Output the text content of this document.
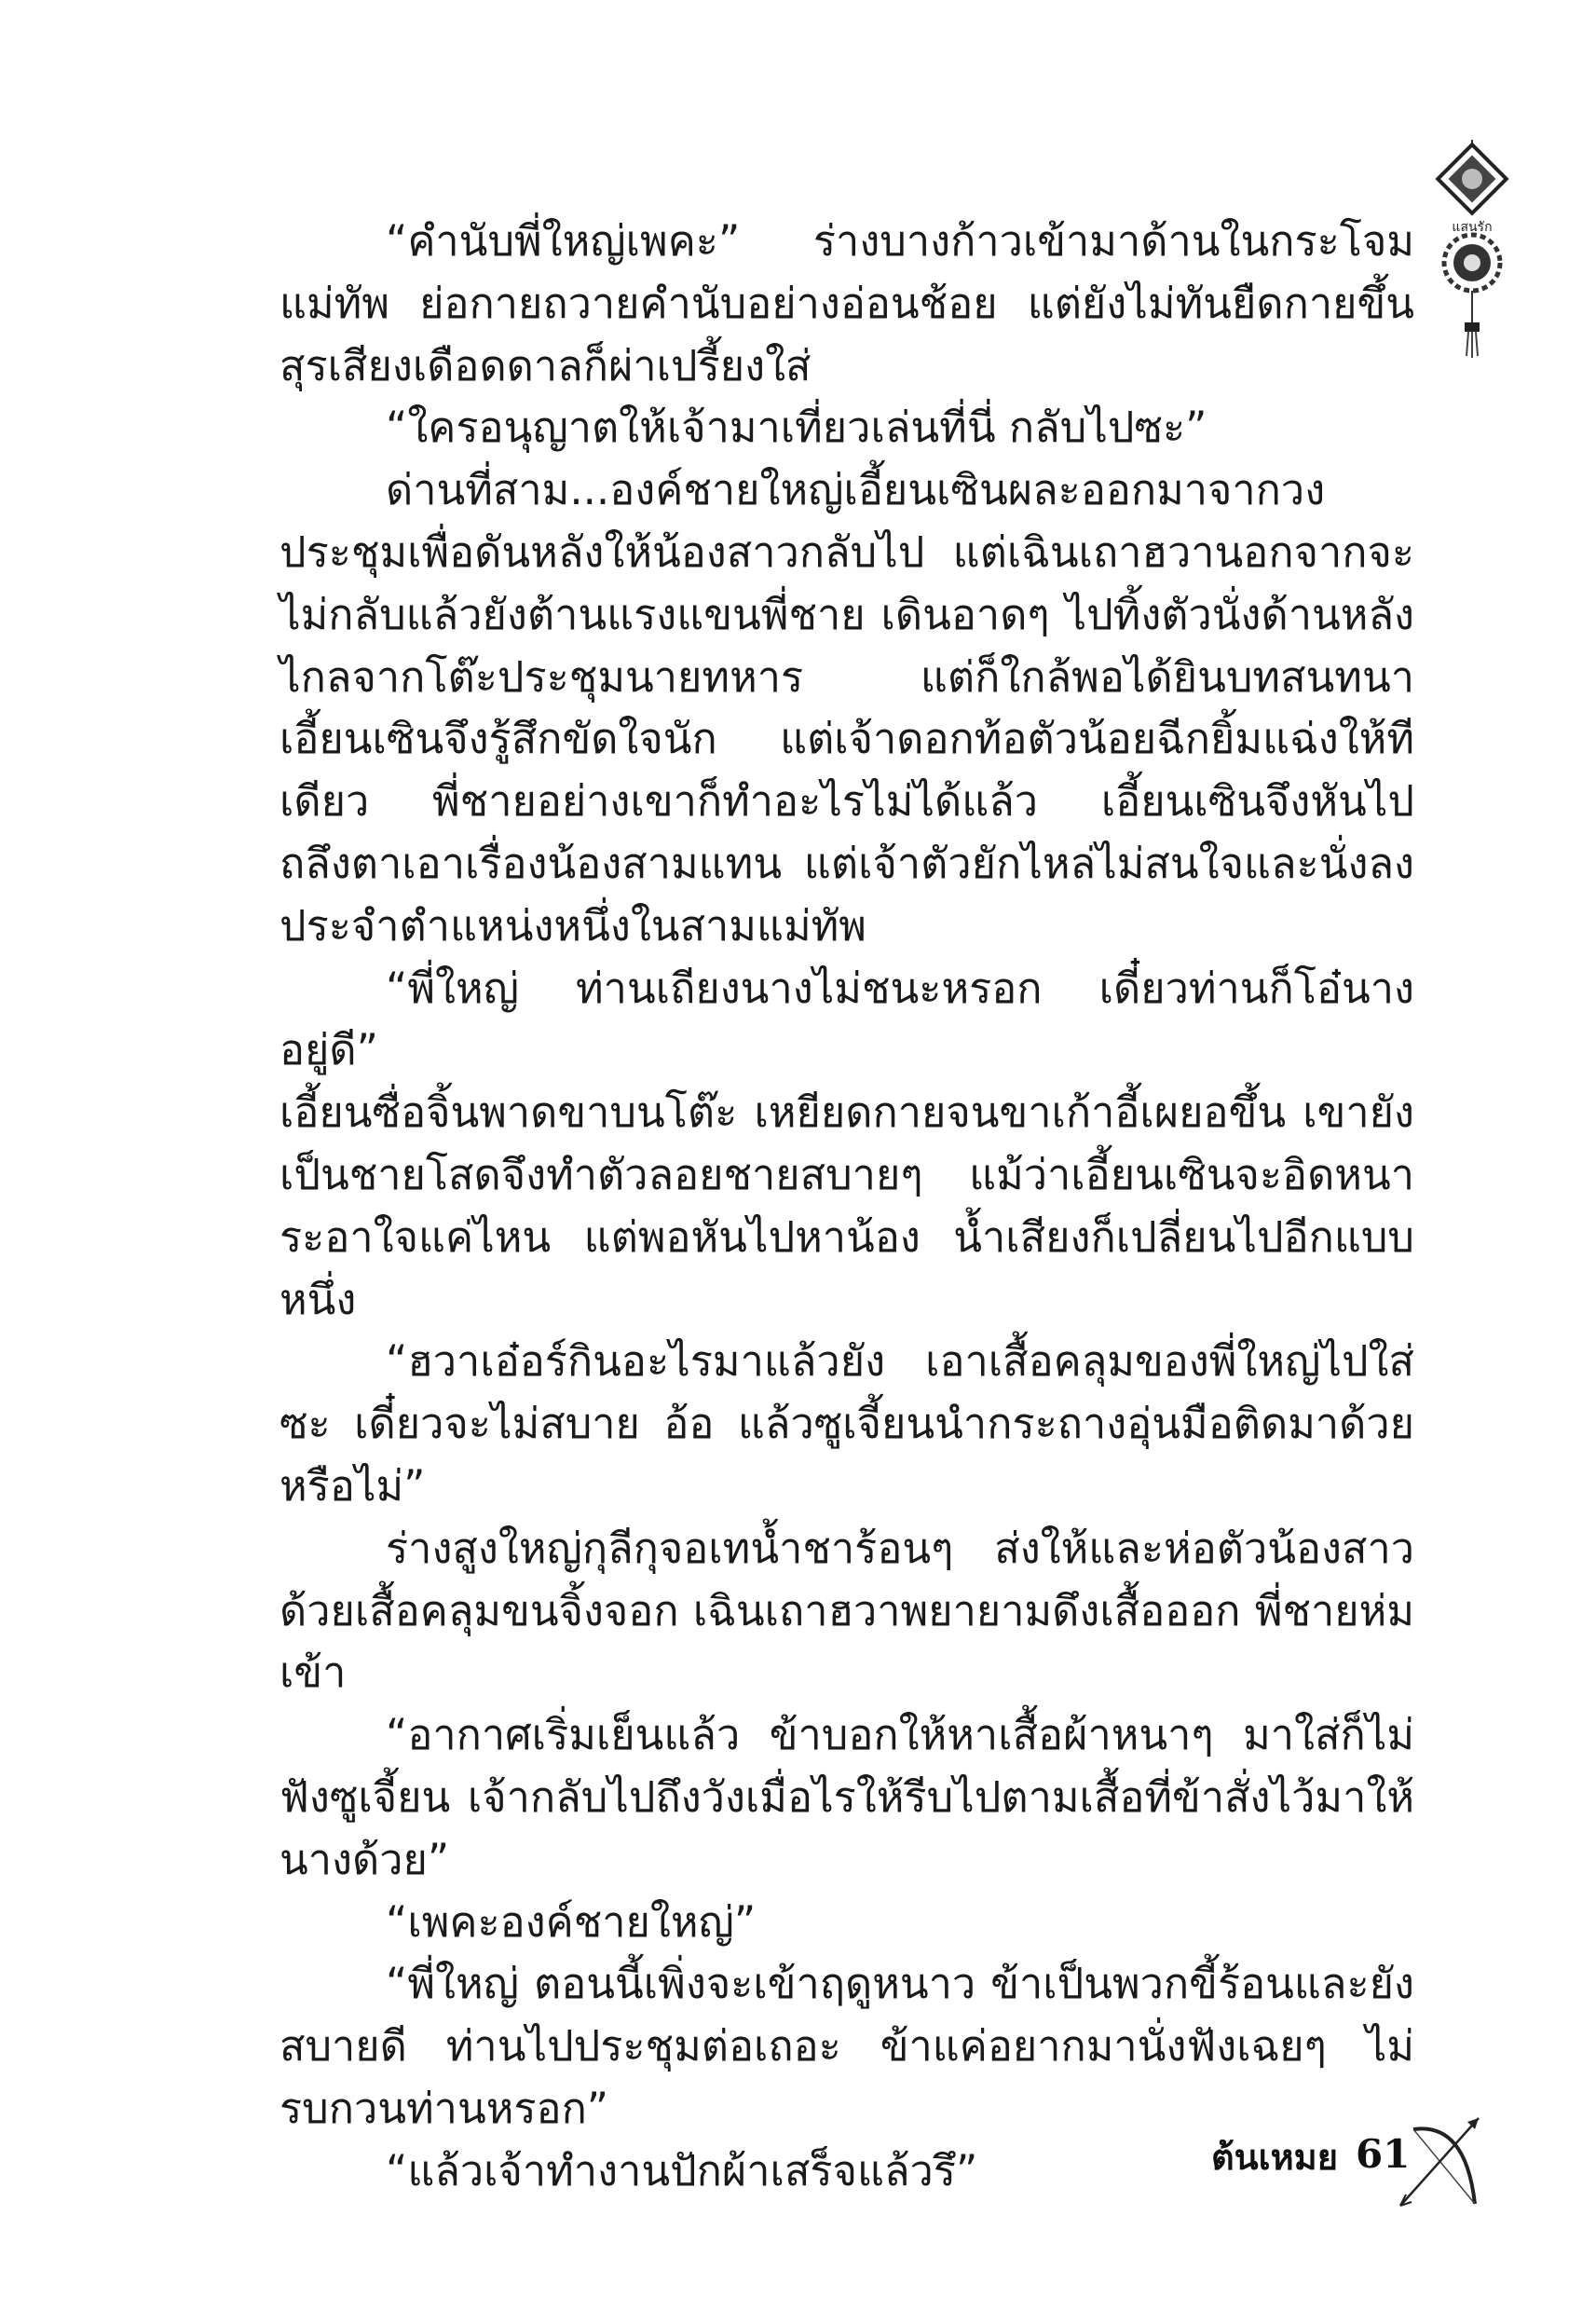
แสนรัก

“คำนับพี่ใหญ่เพคะ” ร่างบางก้าวเข้ามาด้านในกระโจมแม่ทัพ ย่อกายถวายคำนับอย่างอ่อนช้อย แต่ยังไม่ทันยืดกายขึ้น สุรเสียงเดือดดาลก็ผ่าเปรี้ยงใส่

“ใครอนุญาตให้เจ้ามาเที่ยวเล่นที่นี่ กลับไปซะ”

ด่านที่สาม...องค์ชายใหญ่เอี้ยนเซินผละออกมาจากวงประชุมเพื่อดันหลังให้น้องสาวกลับไป แต่เฉินเถาฮวานอกจากจะไม่กลับแล้วยังต้านแรงแขนพี่ชาย เดินอาดๆ ไปทิ้งตัวนั่งด้านหลัง ไกลจากโต๊ะประชุมนายทหาร แต่ก็ใกล้พอได้ยินบทสนทนา เอี้ยนเซินจึงรู้สึกขัดใจนัก แต่เจ้าดอกท้อตัวน้อยฉีกยิ้มแฉ่งให้ทีเดียว พี่ชายอย่างเขาก็ทำอะไรไม่ได้แล้ว เอี้ยนเซินจึงหันไปถลึงตาเอาเรื่องน้องสามแทน แต่เจ้าตัวยักไหล่ไม่สนใจและนั่งลงประจำตำแหน่งหนึ่งในสามแม่ทัพ

“พี่ใหญ่ ท่านเถียงนางไม่ชนะหรอก เดี๋ยวท่านก็โอ๋นางอยู่ดี”

เอี้ยนซื่อจิ้นพาดขาบนโต๊ะ เหยียดกายจนขาเก้าอี้เผยอขึ้น เขายังเป็นชายโสดจึงทำตัวลอยชายสบายๆ แม้ว่าเอี้ยนเซินจะอิดหนาระอาใจแค่ไหน แต่พอหันไปหาน้อง น้ำเสียงก็เปลี่ยนไปอีกแบบหนึ่ง

“ฮวาเอ๋อร์กินอะไรมาแล้วยัง เอาเสื้อคลุมของพี่ใหญ่ไปใส่ซะ เดี๋ยวจะไม่สบาย อ้อ แล้วซูเจี้ยนนำกระถางอุ่นมือติดมาด้วยหรือไม่”

ร่างสูงใหญ่กุลีกุจอเทน้ำชาร้อนๆ ส่งให้และห่อตัวน้องสาวด้วยเสื้อคลุมขนจิ้งจอก เฉินเถาฮวาพยายามดึงเสื้อออก พี่ชายห่มเข้า

“อากาศเริ่มเย็นแล้ว ข้าบอกให้หาเสื้อผ้าหนาๆ มาใส่ก็ไม่ฟังซูเจี้ยน เจ้ากลับไปถึงวังเมื่อไรให้รีบไปตามเสื้อที่ข้าสั่งไว้มาให้นางด้วย”

“เพคะองค์ชายใหญ่”

“พี่ใหญ่ ตอนนี้เพิ่งจะเข้าฤดูหนาว ข้าเป็นพวกขี้ร้อนและยังสบายดี ท่านไปประชุมต่อเถอะ ข้าแค่อยากมานั่งฟังเฉยๆ ไม่รบกวนท่านหรอก”

“แล้วเจ้าทำงานปักผ้าเสร็จแล้วรึ”	ต้นเหมย 61
